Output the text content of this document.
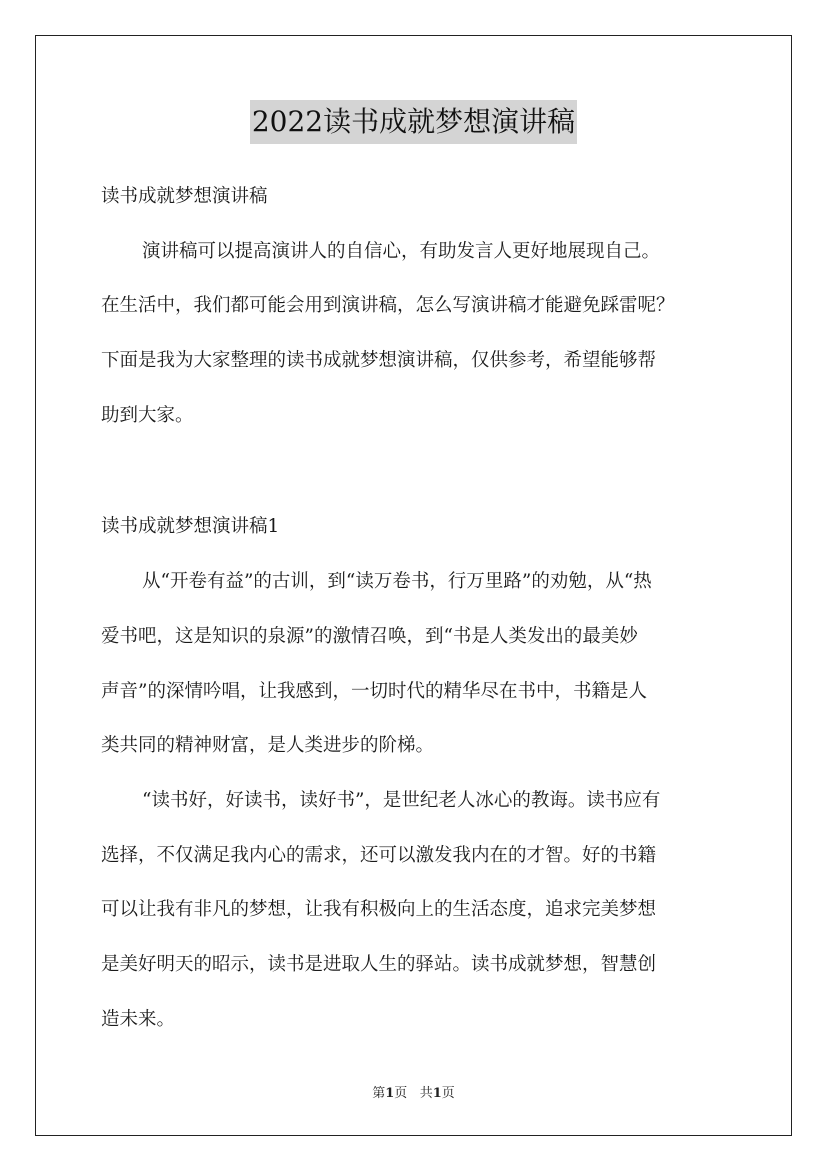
2022读书成就梦想演讲稿
读书成就梦想演讲稿
演讲稿可以提高演讲人的自信心，有助发言人更好地展现自己。
在生活中，我们都可能会用到演讲稿，怎么写演讲稿才能避免踩雷呢？
下面是我为大家整理的读书成就梦想演讲稿，仅供参考，希望能够帮
助到大家。
读书成就梦想演讲稿1
从“开卷有益”的古训，到“读万卷书，行万里路”的劝勉，从“热
爱书吧，这是知识的泉源”的激情召唤，到“书是人类发出的最美妙
声音”的深情吟唱，让我感到，一切时代的精华尽在书中，书籍是人
类共同的精神财富，是人类进步的阶梯。
“读书好，好读书，读好书”，是世纪老人冰心的教诲。读书应有
选择，不仅满足我内心的需求，还可以激发我内在的才智。好的书籍
可以让我有非凡的梦想，让我有积极向上的生活态度，追求完美梦想
是美好明天的昭示，读书是进取人生的驿站。读书成就梦想，智慧创
造未来。
第1页 共1页
